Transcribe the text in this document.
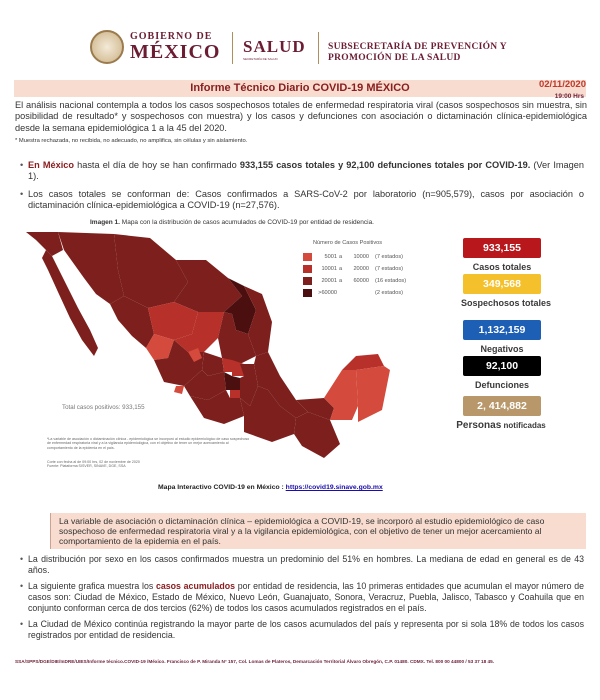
GOBIERNO DE
MÉXICO SALUD
SECRETARÍA DE SALUD
SUBSECRETARÍA DE PREVENCIÓN Y
PROMOCIÓN DE LA SALUD
Informe Técnico Diario COVID-19 MÉXICO	02/11/2020
19:00 Hrs

El análisis nacional contempla a todos los casos sospechosos totales de enfermedad respiratoria viral (casos sospechosos sin muestra, sin posibilidad de resultado* y sospechosos con muestra) y los casos y defunciones con asociación o dictaminación clínica-epidemiológica desde la semana epidemiológica 1 a la 45 del 2020.

* Muestra rechazada, no recibida, no adecuado, no amplifica, sin células y sin aislamiento.

• En México hasta el día de hoy se han confirmado 933,155 casos totales y 92,100 defunciones totales por COVID-19. (Ver Imagen 1).
• Los casos totales se conforman de: Casos confirmados a SARS-CoV-2 por laboratorio (n=905,579), casos por asociación o dictaminación clínica-epidemiológica a COVID-19 (n=27,576).
Imagen 1. Mapa con la distribución de casos acumulados de COVID-19 por entidad de residencia.
Número de Casos Positivos
5001 a	10000 (7 estados)
10001 a	20000 (7 estados)
20001 a	60000 (16 estados)
>60000	(2 estados)
Total casos positivos: 933,155
*La variable de asociación o dictaminación clínica - epidemiológica se incorporó al estudio epidemiológico de caso sospechoso de enfermedad respiratoria viral y a la vigilancia epidemiológica, con el objetivo de tener un mejor acercamiento al comportamiento de la epidemia en el país.
Corte con fecha al de 09:00 hrs, 02 de noviembre de 2020
Fuente: Plataforma SISVER, SINAVE, DGE, SSA
933,155
Casos totales
349,568
Sospechosos totales
1,132,159
Negativos
92,100
Defunciones
2, 414,882
Personas notificadas
Mapa Interactivo COVID-19 en México : https://covid19.sinave.gob.mx
La variable de asociación o dictaminación clínica – epidemiológica a COVID-19, se incorporó al estudio epidemiológico de caso sospechoso de enfermedad respiratoria viral y a la vigilancia epidemiológica, con el objetivo de tener un mejor acercamiento al comportamiento de la epidemia en el país.
• La distribución por sexo en los casos confirmados muestra un predominio del 51% en hombres. La mediana de edad en general es de 43 años.
• La siguiente grafica muestra los casos acumulados por entidad de residencia, las 10 primeras entidades que acumulan el mayor número de casos son: Ciudad de México, Estado de México, Nuevo León, Guanajuato, Sonora, Veracruz, Puebla, Jalisco, Tabasco y Coahuila que en conjunto conforman cerca de dos tercios (62%) de todos los casos acumulados registrados en el país.
• La Ciudad de México continúa registrando la mayor parte de los casos acumulados del país y representa por si sola 18% de todos los casos registrados por entidad de residencia.
SSA/SPPS/DGE/DIE/InDRE/UIES/Informe técnico.COVID-19 /México. Francisco de P. Miranda N° 157, Col. Lomas de Plateros, Demarcación Territorial Álvaro Obregón, C.P. 01480. CDMX. Tel. 800 00 44800 / 53 37 18 45.
